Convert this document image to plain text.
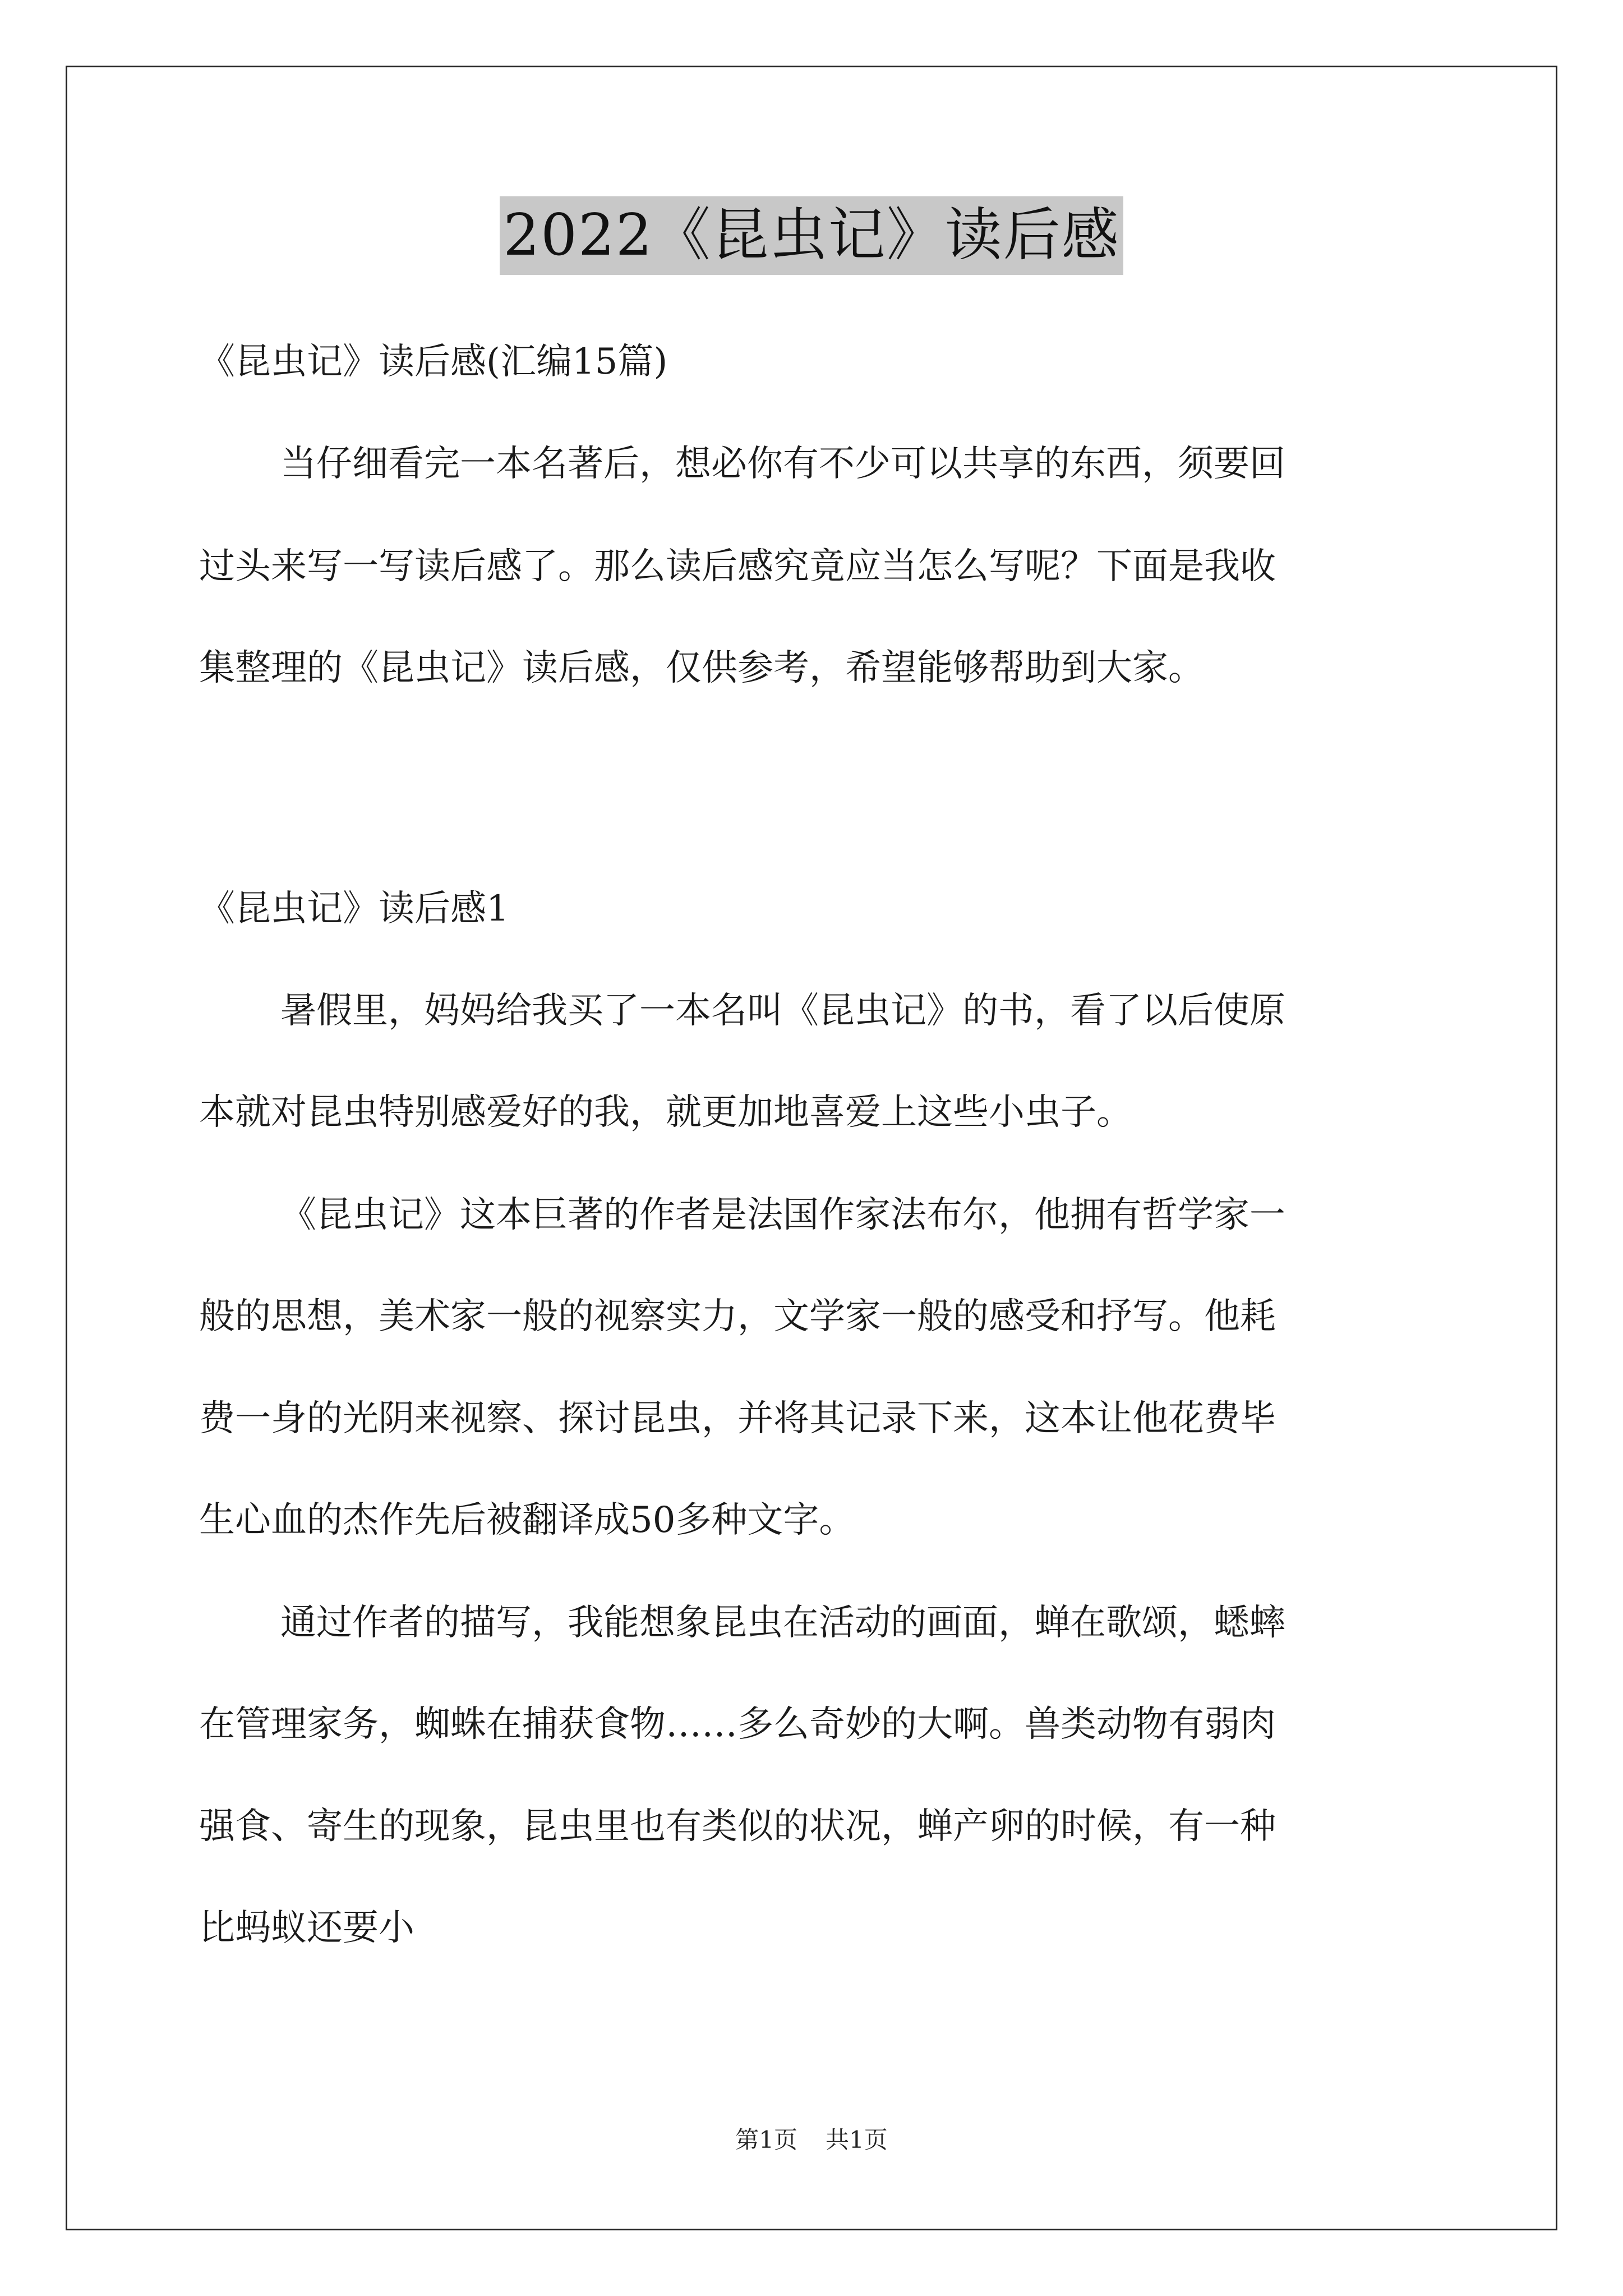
2022《昆虫记》读后感
《昆虫记》读后感(汇编15篇)
当仔细看完一本名著后，想必你有不少可以共享的东西，须要回
过头来写一写读后感了。那么读后感究竟应当怎么写呢？下面是我收
集整理的《昆虫记》读后感，仅供参考，希望能够帮助到大家。
《昆虫记》读后感1
暑假里，妈妈给我买了一本名叫《昆虫记》的书，看了以后使原
本就对昆虫特别感爱好的我，就更加地喜爱上这些小虫子。
《昆虫记》这本巨著的作者是法国作家法布尔，他拥有哲学家一
般的思想，美术家一般的视察实力，文学家一般的感受和抒写。他耗
费一身的光阴来视察、探讨昆虫，并将其记录下来，这本让他花费毕
生心血的杰作先后被翻译成50多种文字。
通过作者的描写，我能想象昆虫在活动的画面，蝉在歌颂，蟋蟀
在管理家务，蜘蛛在捕获食物……多么奇妙的大啊。兽类动物有弱肉
强食、寄生的现象，昆虫里也有类似的状况，蝉产卵的时候，有一种
比蚂蚁还要小
第1页 共1页
